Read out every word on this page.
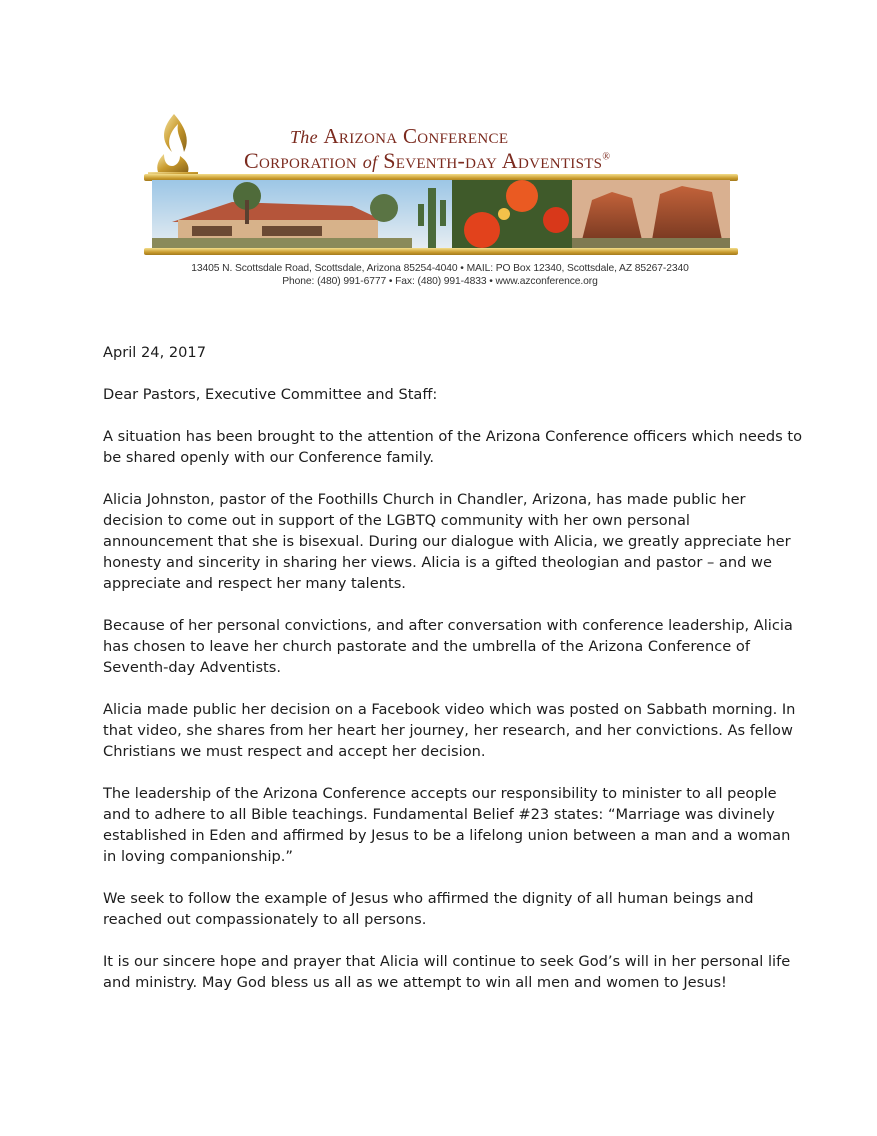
The Arizona Conference
Corporation of Seventh-day Adventists®
13405 N. Scottsdale Road, Scottsdale, Arizona 85254-4040 • MAIL: PO Box 12340, Scottsdale, AZ 85267-2340
Phone: (480) 991-6777 • Fax: (480) 991-4833 • www.azconference.org

April 24, 2017

Dear Pastors, Executive Committee and Staff:

A situation has been brought to the attention of the Arizona Conference officers which needs to
be shared openly with our Conference family.

Alicia Johnston, pastor of the Foothills Church in Chandler, Arizona, has made public her
decision to come out in support of the LGBTQ community with her own personal
announcement that she is bisexual. During our dialogue with Alicia, we greatly appreciate her
honesty and sincerity in sharing her views. Alicia is a gifted theologian and pastor – and we
appreciate and respect her many talents.

Because of her personal convictions, and after conversation with conference leadership, Alicia
has chosen to leave her church pastorate and the umbrella of the Arizona Conference of
Seventh-day Adventists.

Alicia made public her decision on a Facebook video which was posted on Sabbath morning. In
that video, she shares from her heart her journey, her research, and her convictions. As fellow
Christians we must respect and accept her decision.

The leadership of the Arizona Conference accepts our responsibility to minister to all people
and to adhere to all Bible teachings. Fundamental Belief #23 states: “Marriage was divinely
established in Eden and affirmed by Jesus to be a lifelong union between a man and a woman
in loving companionship.”

We seek to follow the example of Jesus who affirmed the dignity of all human beings and
reached out compassionately to all persons.

It is our sincere hope and prayer that Alicia will continue to seek God’s will in her personal life
and ministry. May God bless us all as we attempt to win all men and women to Jesus!
